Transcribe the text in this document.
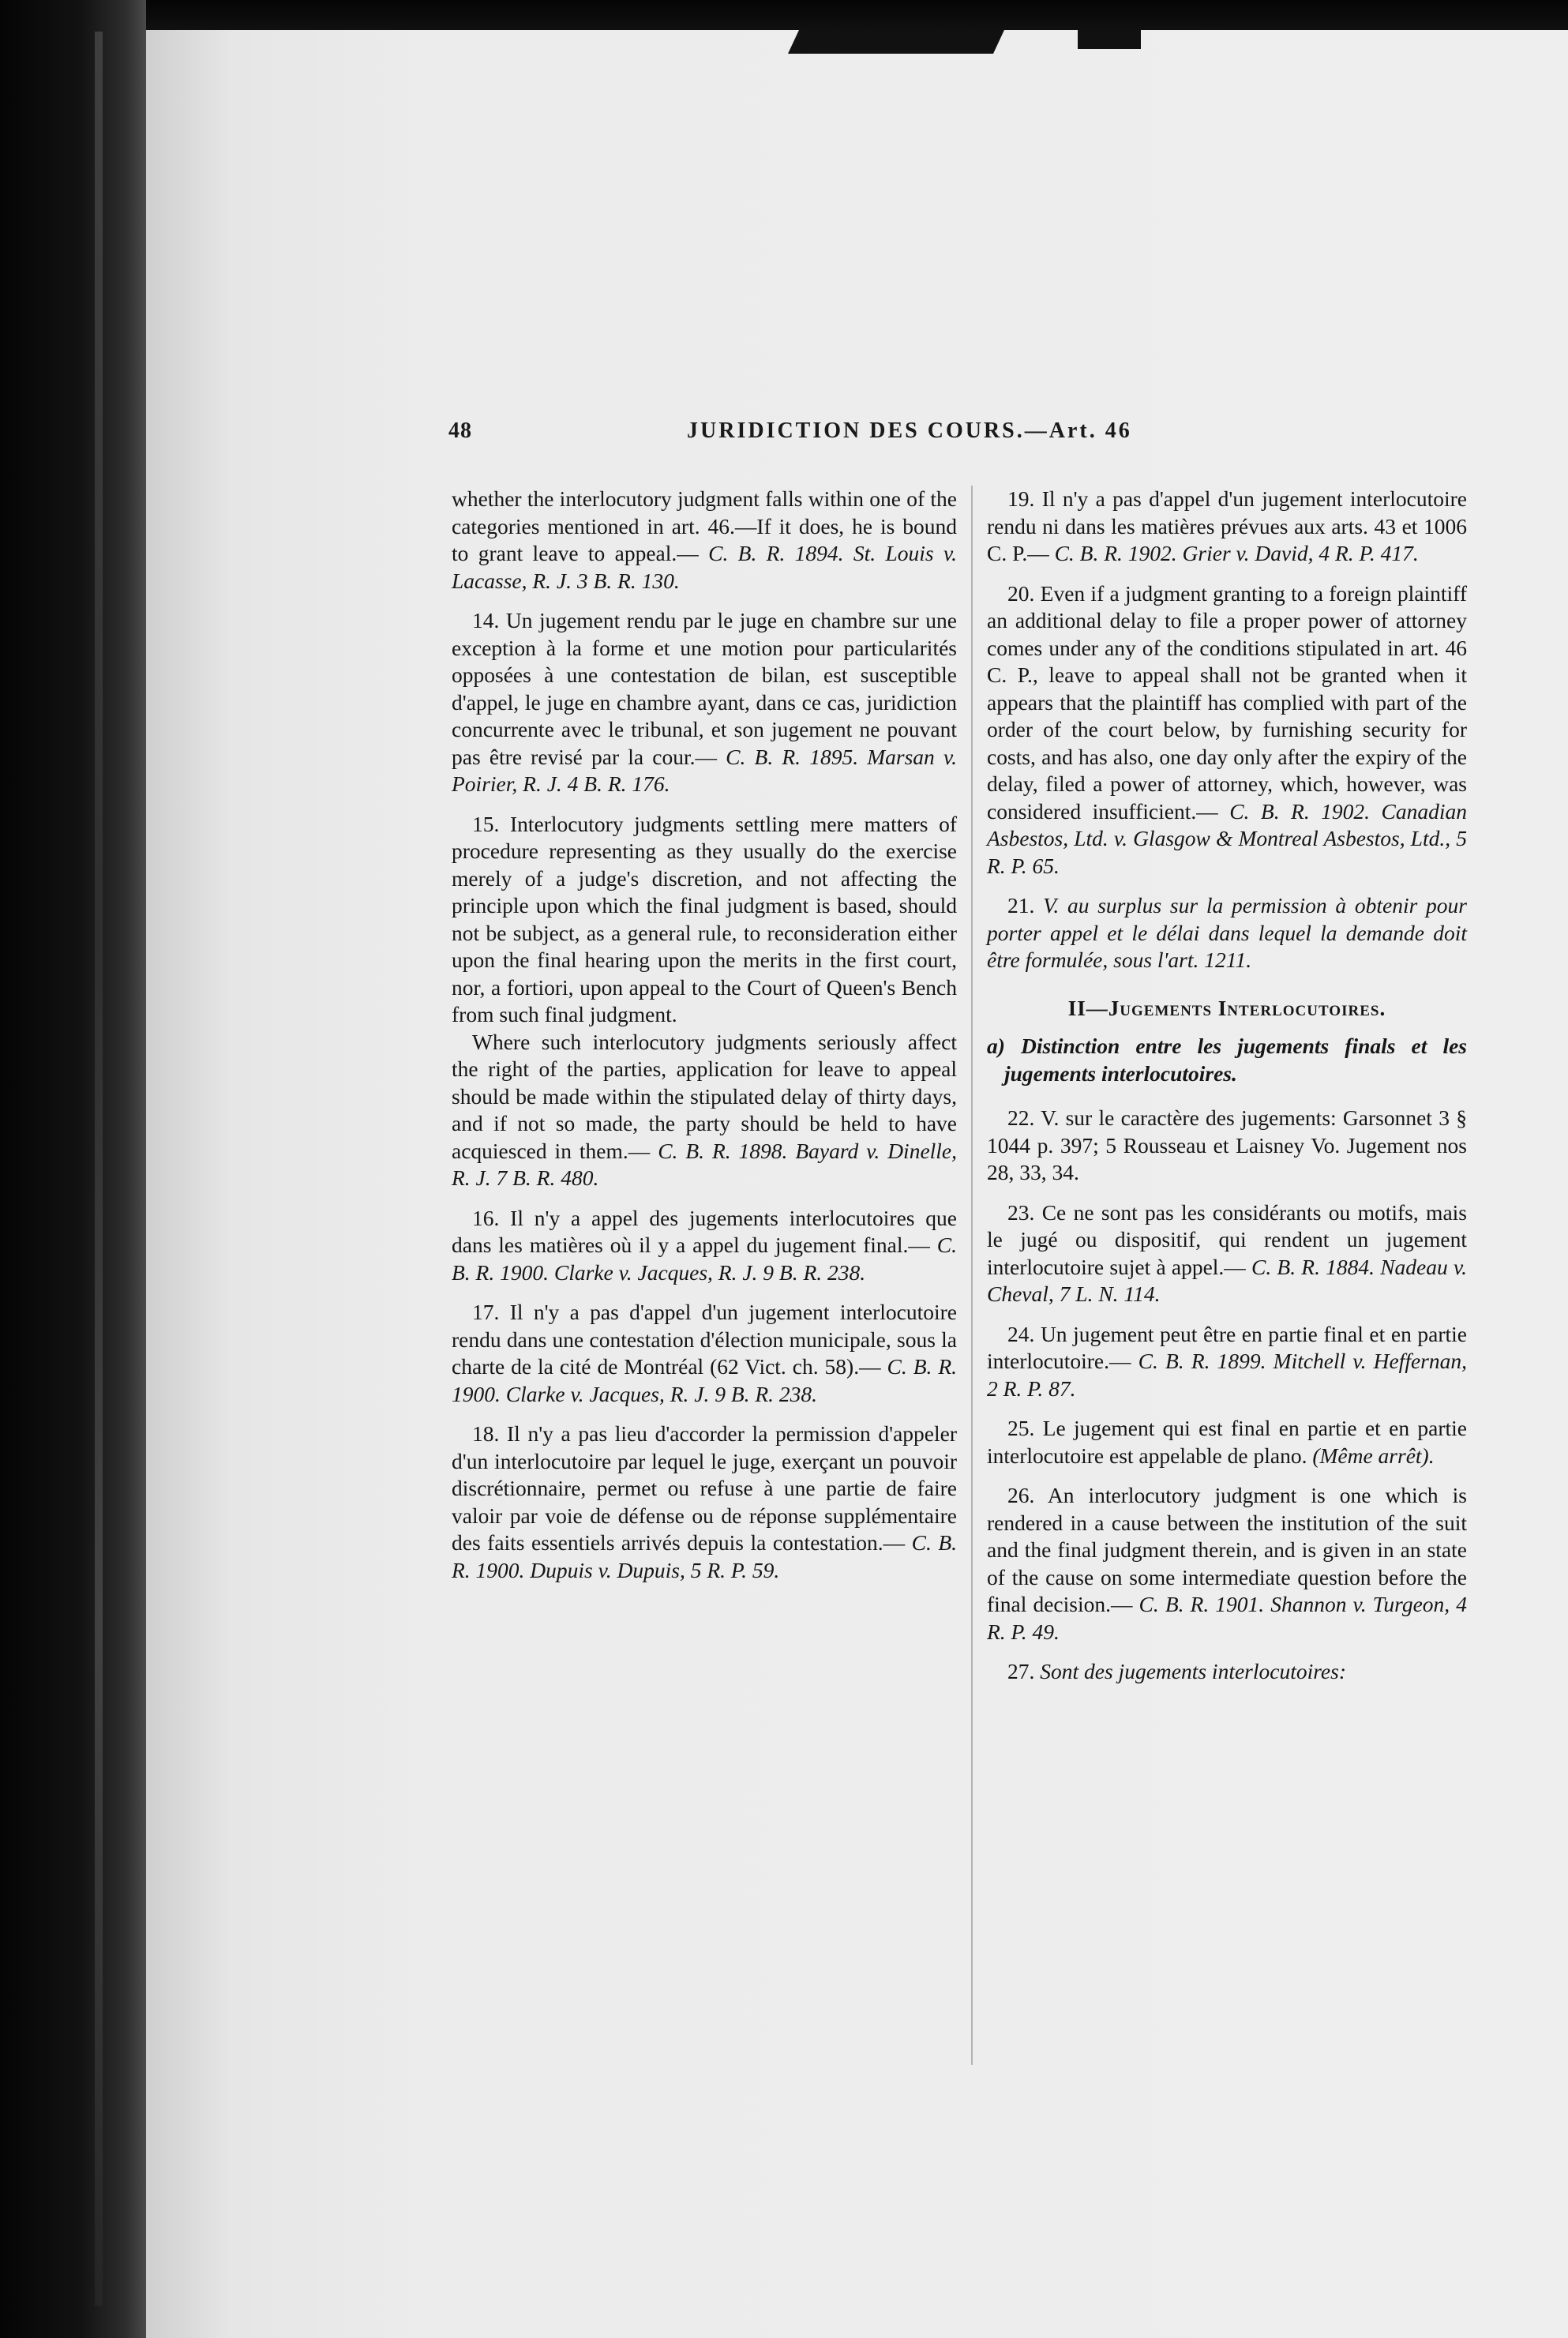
48	JURIDICTION DES COURS.—Art. 46

whether the interlocutory judgment falls within one of the categories mentioned in art. 46.—If it does, he is bound to grant leave to appeal.— C. B. R. 1894. St. Louis v. Lacasse, R. J. 3 B. R. 130.

14. Un jugement rendu par le juge en chambre sur une exception à la forme et une motion pour particularités opposées à une contestation de bilan, est susceptible d'appel, le juge en chambre ayant, dans ce cas, juridiction concurrente avec le tribunal, et son jugement ne pouvant pas être revisé par la cour.— C. B. R. 1895. Marsan v. Poirier, R. J. 4 B. R. 176.

15. Interlocutory judgments settling mere matters of procedure representing as they usually do the exercise merely of a judge's discretion, and not affecting the principle upon which the final judgment is based, should not be subject, as a general rule, to reconsideration either upon the final hearing upon the merits in the first court, nor, a fortiori, upon appeal to the Court of Queen's Bench from such final judgment.

Where such interlocutory judgments seriously affect the right of the parties, application for leave to appeal should be made within the stipulated delay of thirty days, and if not so made, the party should be held to have acquiesced in them.— C. B. R. 1898. Bayard v. Dinelle, R. J. 7 B. R. 480.

16. Il n'y a appel des jugements interlocutoires que dans les matières où il y a appel du jugement final.— C. B. R. 1900. Clarke v. Jacques, R. J. 9 B. R. 238.

17. Il n'y a pas d'appel d'un jugement interlocutoire rendu dans une contestation d'élection municipale, sous la charte de la cité de Montréal (62 Vict. ch. 58).— C. B. R. 1900. Clarke v. Jacques, R. J. 9 B. R. 238.

18. Il n'y a pas lieu d'accorder la permission d'appeler d'un interlocutoire par lequel le juge, exerçant un pouvoir discrétionnaire, permet ou refuse à une partie de faire valoir par voie de défense ou de réponse supplémentaire des faits essentiels arrivés depuis la contestation.— C. B. R. 1900. Dupuis v. Dupuis, 5 R. P. 59.

19. Il n'y a pas d'appel d'un jugement interlocutoire rendu ni dans les matières prévues aux arts. 43 et 1006 C. P.— C. B. R. 1902. Grier v. David, 4 R. P. 417.

20. Even if a judgment granting to a foreign plaintiff an additional delay to file a proper power of attorney comes under any of the conditions stipulated in art. 46 C. P., leave to appeal shall not be granted when it appears that the plaintiff has complied with part of the order of the court below, by furnishing security for costs, and has also, one day only after the expiry of the delay, filed a power of attorney, which, however, was considered insufficient.— C. B. R. 1902. Canadian Asbestos, Ltd. v. Glasgow & Montreal Asbestos, Ltd., 5 R. P. 65.

21. V. au surplus sur la permission à obtenir pour porter appel et le délai dans lequel la demande doit être formulée, sous l'art. 1211.

II—Jugements Interlocutoires.
a) Distinction entre les jugements finals et les jugements interlocutoires.

22. V. sur le caractère des jugements: Garsonnet 3 § 1044 p. 397; 5 Rousseau et Laisney Vo. Jugement nos 28, 33, 34.

23. Ce ne sont pas les considérants ou motifs, mais le jugé ou dispositif, qui rendent un jugement interlocutoire sujet à appel.— C. B. R. 1884. Nadeau v. Cheval, 7 L. N. 114.

24. Un jugement peut être en partie final et en partie interlocutoire.— C. B. R. 1899. Mitchell v. Heffernan, 2 R. P. 87.

25. Le jugement qui est final en partie et en partie interlocutoire est appelable de plano. (Même arrêt).

26. An interlocutory judgment is one which is rendered in a cause between the institution of the suit and the final judgment therein, and is given in an state of the cause on some intermediate question before the final decision.— C. B. R. 1901. Shannon v. Turgeon, 4 R. P. 49.

27. Sont des jugements interlocutoires:
